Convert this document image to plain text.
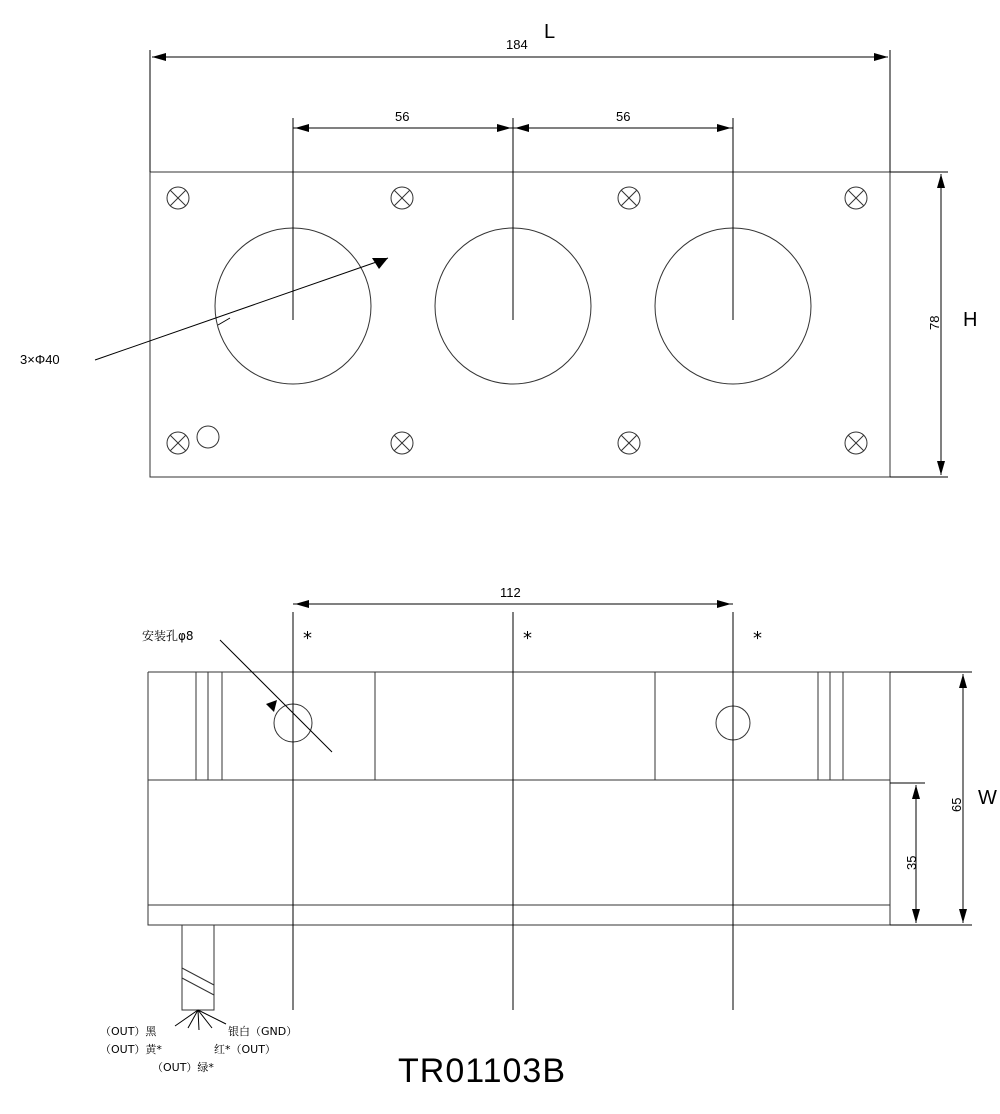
L
184
56	56
78 H
3×Φ40
112
安装孔φ8	*	*	*
65 W
35
（OUT）黑	银白（GND）
（OUT）黄*	红*（OUT）
（OUT）绿*	TR01103B
